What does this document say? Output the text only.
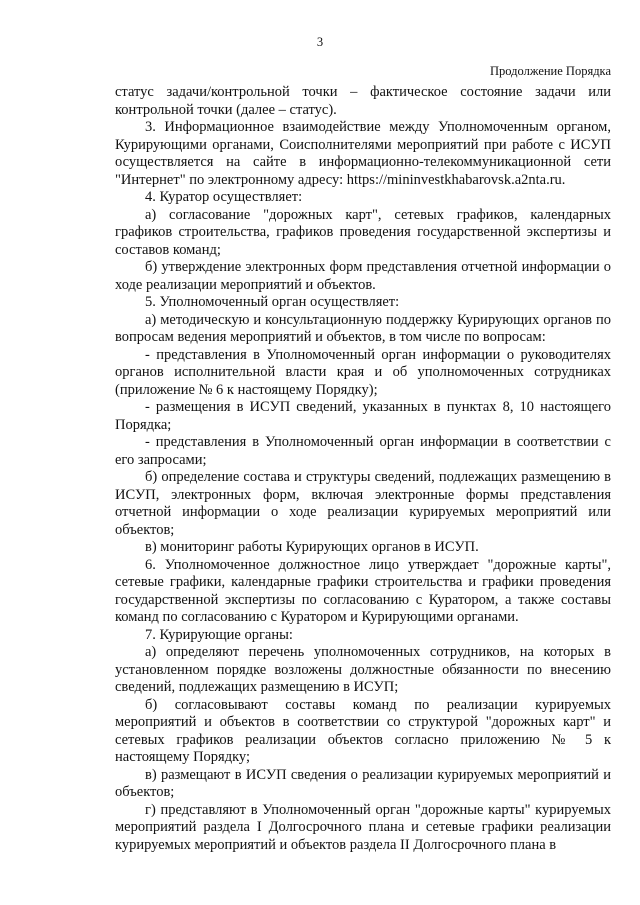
3
Продолжение Порядка

статус задачи/контрольной точки – фактическое состояние задачи или контрольной точки (далее – статус).

3. Информационное взаимодействие между Уполномоченным органом, Курирующими органами, Соисполнителями мероприятий при работе с ИСУП осуществляется на сайте в информационно-телекоммуникационной сети "Интернет" по электронному адресу: https://mininvestkhabarovsk.a2nta.ru.

4. Куратор осуществляет:

а) согласование "дорожных карт", сетевых графиков, календарных графиков строительства, графиков проведения государственной экспертизы и составов команд;

б) утверждение электронных форм представления отчетной информации о ходе реализации мероприятий и объектов.

5. Уполномоченный орган осуществляет:

а) методическую и консультационную поддержку Курирующих органов по вопросам ведения мероприятий и объектов, в том числе по вопросам:

- представления в Уполномоченный орган информации о руководителях органов исполнительной власти края и об уполномоченных сотрудниках (приложение № 6 к настоящему Порядку);

- размещения в ИСУП сведений, указанных в пунктах 8, 10 настоящего Порядка;

- представления в Уполномоченный орган информации в соответствии с его запросами;

б) определение состава и структуры сведений, подлежащих размещению в ИСУП, электронных форм, включая электронные формы представления отчетной информации о ходе реализации курируемых мероприятий или объектов;

в) мониторинг работы Курирующих органов в ИСУП.

6. Уполномоченное должностное лицо утверждает "дорожные карты", сетевые графики, календарные графики строительства и графики проведения государственной экспертизы по согласованию с Куратором, а также составы команд по согласованию с Куратором и Курирующими органами.

7. Курирующие органы:

а) определяют перечень уполномоченных сотрудников, на которых в установленном порядке возложены должностные обязанности по внесению сведений, подлежащих размещению в ИСУП;

б) согласовывают составы команд по реализации курируемых мероприятий и объектов в соответствии со структурой "дорожных карт" и сетевых графиков реализации объектов согласно приложению № 5 к настоящему Порядку;

в) размещают в ИСУП сведения о реализации курируемых мероприятий и объектов;

г) представляют в Уполномоченный орган "дорожные карты" курируемых мероприятий раздела I Долгосрочного плана и сетевые графики реализации курируемых мероприятий и объектов раздела II Долгосрочного плана в
